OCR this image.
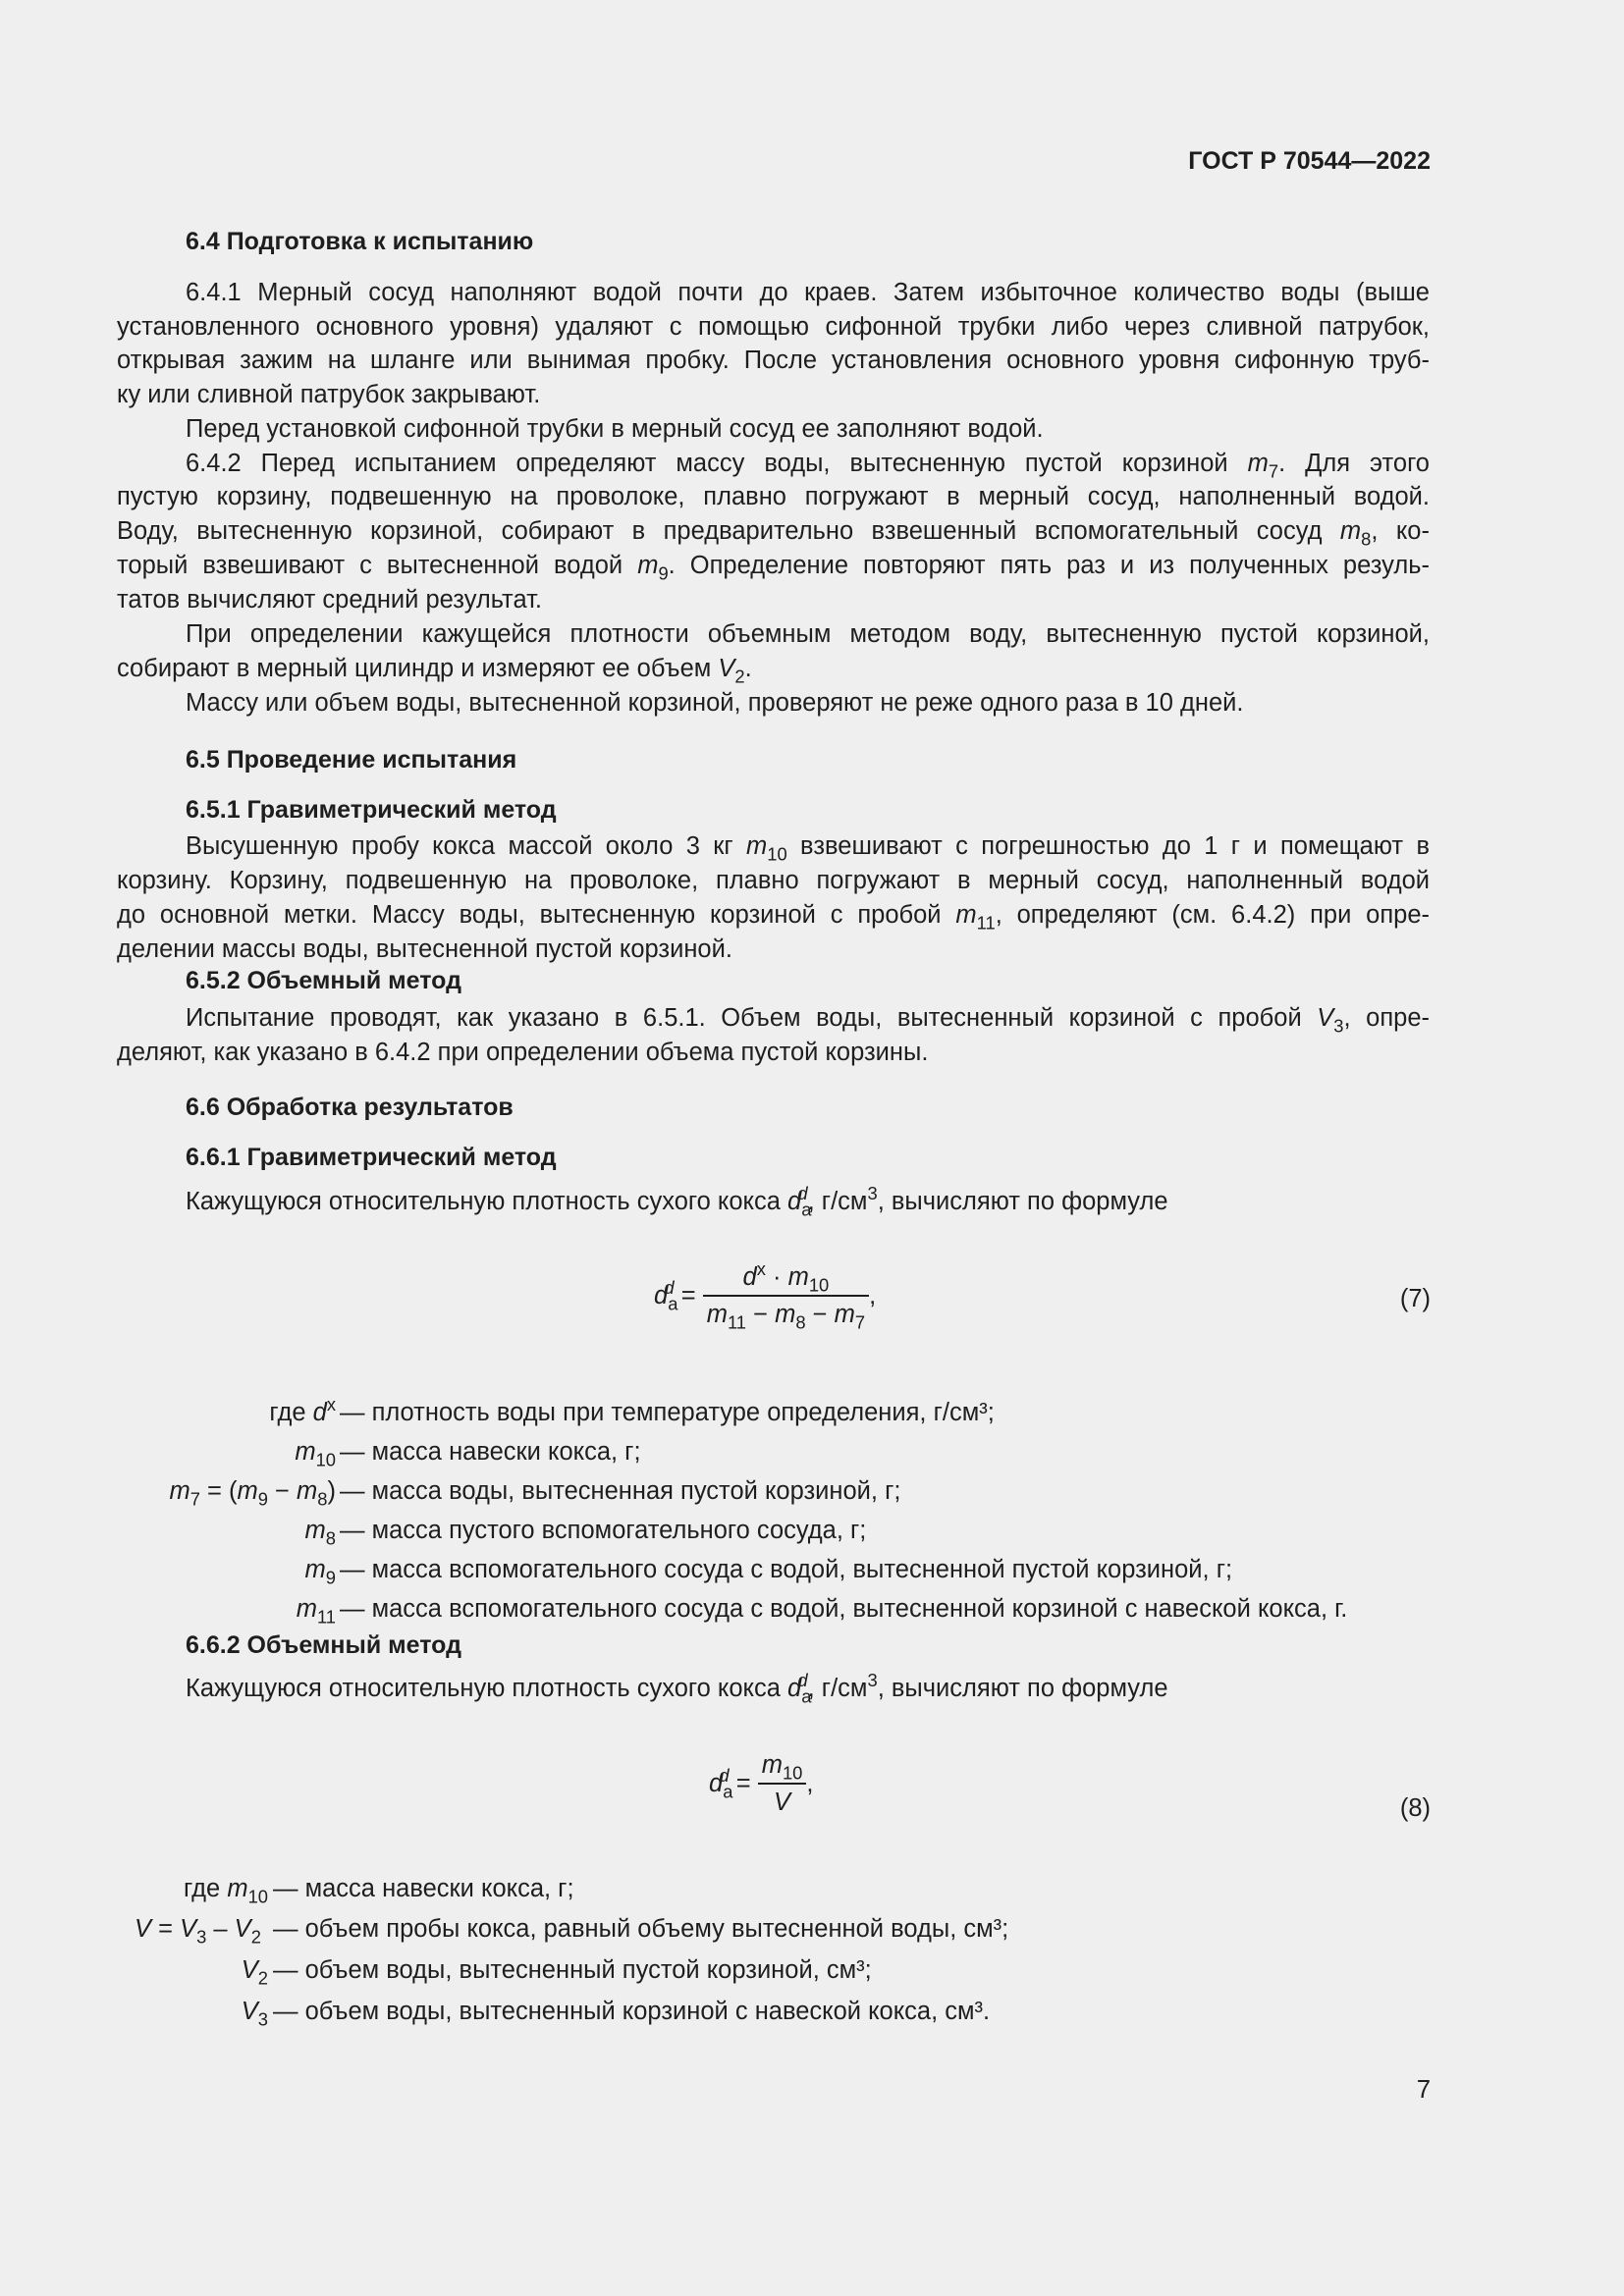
ГОСТ Р 70544—2022
6.4 Подготовка к испытанию
6.4.1 Мерный сосуд наполняют водой почти до краев. Затем избыточное количество воды (выше
установленного основного уровня) удаляют с помощью сифонной трубки либо через сливной патрубок,
открывая зажим на шланге или вынимая пробку. После установления основного уровня сифонную труб-
ку или сливной патрубок закрывают.
Перед установкой сифонной трубки в мерный сосуд ее заполняют водой.
6.4.2 Перед испытанием определяют массу воды, вытесненную пустой корзиной $m_7$. Для этого
пустую корзину, подвешенную на проволоке, плавно погружают в мерный сосуд, наполненный водой.
Воду, вытесненную корзиной, собирают в предварительно взвешенный вспомогательный сосуд $m_8$, ко-
торый взвешивают с вытесненной водой $m_9$. Определение повторяют пять раз и из полученных резуль-
татов вычисляют средний результат.
При определении кажущейся плотности объемным методом воду, вытесненную пустой корзиной,
собирают в мерный цилиндр и измеряют ее объем $V_2$.
Массу или объем воды, вытесненной корзиной, проверяют не реже одного раза в 10 дней.
6.5 Проведение испытания
6.5.1 Гравиметрический метод
Высушенную пробу кокса массой около 3 кг $m_{10}$ взвешивают с погрешностью до 1 г и помещают в
корзину. Корзину, подвешенную на проволоке, плавно погружают в мерный сосуд, наполненный водой
до основной метки. Массу воды, вытесненную корзиной с пробой $m_{11}$, определяют (см. 6.4.2) при опре-
делении массы воды, вытесненной пустой корзиной.
6.5.2 Объемный метод
Испытание проводят, как указано в 6.5.1. Объем воды, вытесненный корзиной с пробой $V_3$, опре-
деляют, как указано в 6.4.2 при определении объема пустой корзины.
6.6 Обработка результатов
6.6.1 Гравиметрический метод
Кажущуюся относительную плотность сухого кокса $d_a^d$, $г/см^3$, вычисляют по формуле
$d_a^d = \frac{d^x \cdot m_{10}}{m_{11} - m_8 - m_7}$ ,	(7)
где $d^x$ — плотность воды при температуре определения, г/см³;
$m_{10}$ — масса навески кокса, г;
$m_7 = (m_9 - m_8)$ — масса воды, вытесненная пустой корзиной, г;
$m_8$ — масса пустого вспомогательного сосуда, г;
$m_9$ — масса вспомогательного сосуда с водой, вытесненной пустой корзиной, г;
$m_{11}$ — масса вспомогательного сосуда с водой, вытесненной корзиной с навеской кокса, г.
6.6.2 Объемный метод
Кажущуюся относительную плотность сухого кокса $d_a^d$, $г/см^3$, вычисляют по формуле
$d_a^d = \frac{m_{10}}{V}$ ,
(8)
где $m_{10}$ — масса навески кокса, г;
$V = V_3 - V_2$ — объем пробы кокса, равный объему вытесненной воды, см³;
$V_2$ — объем воды, вытесненный пустой корзиной, см³;
$V_3$ — объем воды, вытесненный корзиной с навеской кокса, см³.
7
